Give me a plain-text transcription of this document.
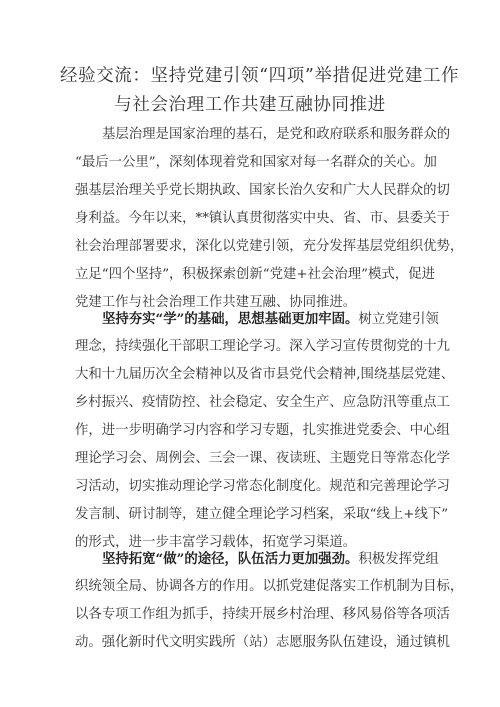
经验交流：坚持党建引领“四项”举措促进党建工作
与社会治理工作共建互融协同推进
基层治理是国家治理的基石，是党和政府联系和服务群众的
“最后一公里”，深刻体现着党和国家对每一名群众的关心。加
强基层治理关乎党长期执政、国家长治久安和广大人民群众的切
身利益。今年以来，**镇认真贯彻落实中央、省、市、县委关于
社会治理部署要求，深化以党建引领，充分发挥基层党组织优势，
立足“四个坚持”，积极探索创新“党建+社会治理”模式，促进
党建工作与社会治理工作共建互融、协同推进。
坚持夯实“学”的基础，思想基础更加牢固。树立党建引领
理念，持续强化干部职工理论学习。深入学习宣传贯彻党的十九
大和十九届历次全会精神以及省市县党代会精神,围绕基层党建、
乡村振兴、疫情防控、社会稳定、安全生产、应急防汛等重点工
作，进一步明确学习内容和学习专题，扎实推进党委会、中心组
理论学习会、周例会、三会一课、夜读班、主题党日等常态化学
习活动，切实推动理论学习常态化制度化。规范和完善理论学习
发言制、研讨制等，建立健全理论学习档案，采取“线上+线下”
的形式，进一步丰富学习载体，拓宽学习渠道。
坚持拓宽“做”的途径，队伍活力更加强劲。积极发挥党组
织统领全局、协调各方的作用。以抓党建促落实工作机制为目标，
以各专项工作组为抓手，持续开展乡村治理、移风易俗等各项活
动。强化新时代文明实践所（站）志愿服务队伍建设，通过镇机
